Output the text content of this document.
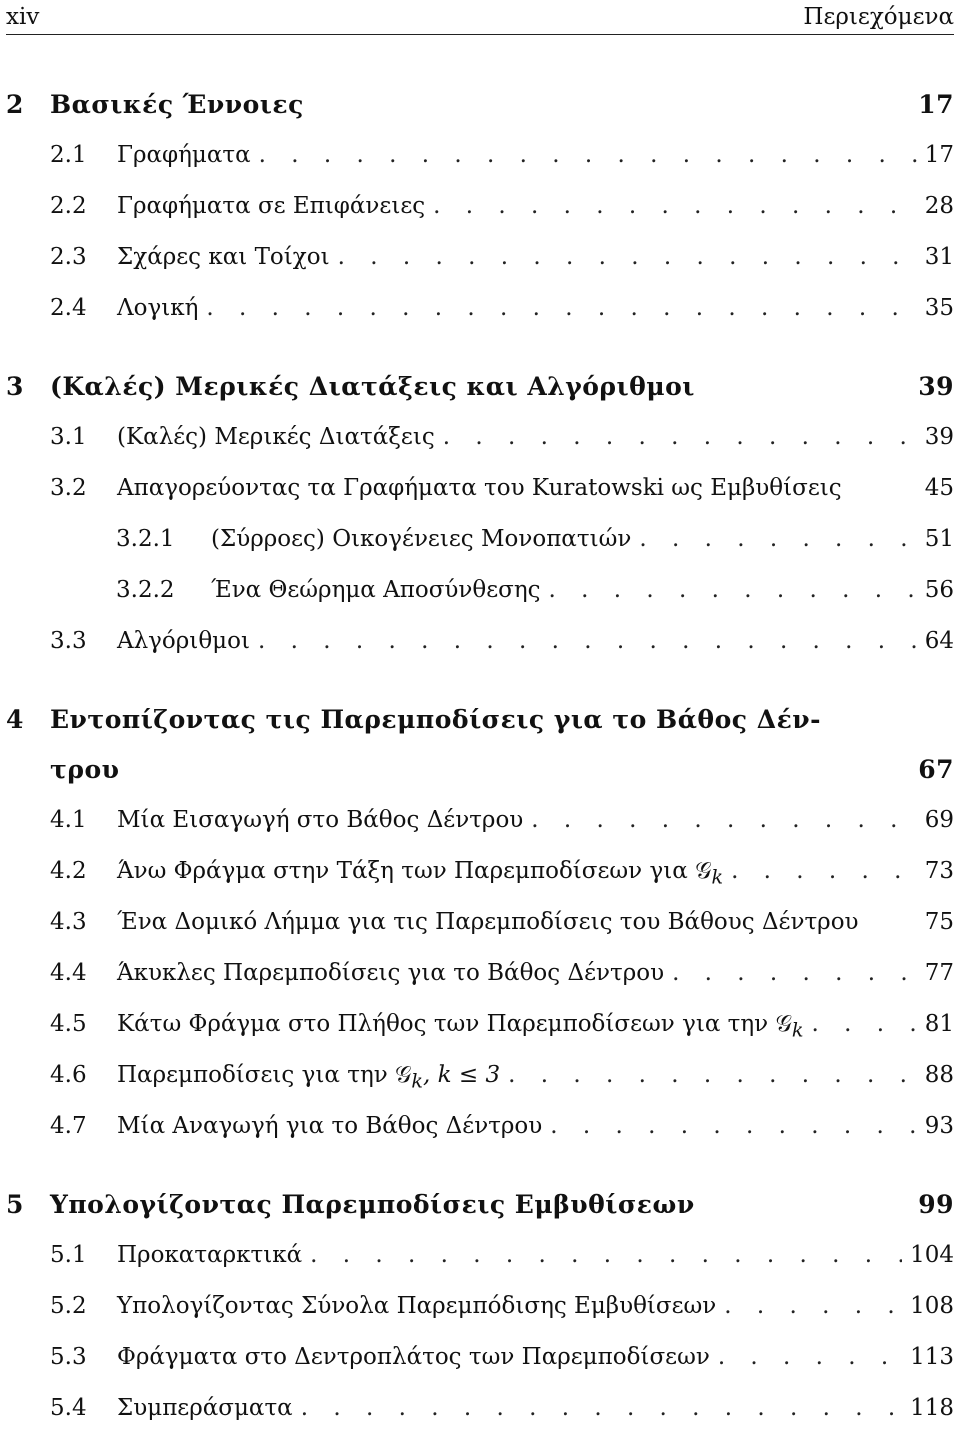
xiv	Περιεχόμενα
2	Βασικές Έννοιες	17
2.1	Γραφήματα . . .	17
2.2	Γραφήματα σε Επιφάνειες . . .	28
2.3	Σχάρες και Τοίχοι . . .	31
2.4	Λογική . . .	35
3	(Καλές) Μερικές Διατάξεις και Αλγόριθμοι	39
3.1	(Καλές) Μερικές Διατάξεις . . .	39
3.2	Απαγορεύοντας τα Γραφήματα του Kuratowski ως Εμβυθίσεις	45
3.2.1	(Σύρροες) Οικογένειες Μονοπατιών . . .	51
3.2.2	Ένα Θεώρημα Αποσύνθεσης . . .	56
3.3	Αλγόριθμοι . . .	64
4	Εντοπίζοντας τις Παρεμποδίσεις για το Βάθος Δέν-
τρου	67
4.1	Μία Εισαγωγή στο Βάθος Δέντρου . . .	69
4.2	Άνω Φράγμα στην Τάξη των Παρεμποδίσεων για 𝒢$_k$ . . .	73
4.3	Ένα Δομικό Λήμμα για τις Παρεμποδίσεις του Βάθους Δέντρου	75
4.4	Άκυκλες Παρεμποδίσεις για το Βάθος Δέντρου . . .	77
4.5	Κάτω Φράγμα στο Πλήθος των Παρεμποδίσεων για την 𝒢$_k$ . . .	81
4.6	Παρεμποδίσεις για την 𝒢$_k$, k ≤ 3 . . .	88
4.7	Μία Αναγωγή για το Βάθος Δέντρου . . .	93
5	Υπολογίζοντας Παρεμποδίσεις Εμβυθίσεων	99
5.1	Προκαταρκτικά . . .	104
5.2	Υπολογίζοντας Σύνολα Παρεμπόδισης Εμβυθίσεων . . .	108
5.3	Φράγματα στο Δεντροπλάτος των Παρεμποδίσεων . . .	113
5.4	Συμπεράσματα . . .	118
